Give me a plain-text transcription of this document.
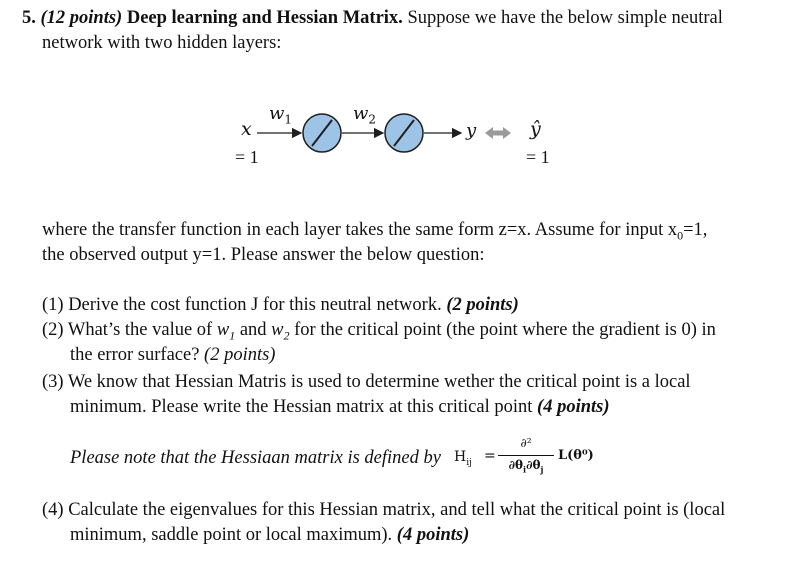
5. (12 points) Deep learning and Hessian Matrix. Suppose we have the below simple neutral
network with two hidden layers:
x
= 1
$w_1$	$w_2$
y	ŷ
= 1
where the transfer function in each layer takes the same form z=x. Assume for input $x_0=1$,
the observed output y=1. Please answer the below question:
(1) Derive the cost function J for this neutral network. (2 points)
(2) What’s the value of $w_1$ and $w_2$ for the critical point (the point where the gradient is 0) in
the error surface? (2 points)
(3) We know that Hessian Matris is used to determine wether the critical point is a local
minimum. Please write the Hessian matrix at this critical point (4 points)
Please note that the Hessiaan matrix is defined by $H_{ij}$ =
∂²
$\partial\theta_i\partial\theta_j$
L(θ⁰)
(4) Calculate the eigenvalues for this Hessian matrix, and tell what the critical point is (local
minimum, saddle point or local maximum). (4 points)
